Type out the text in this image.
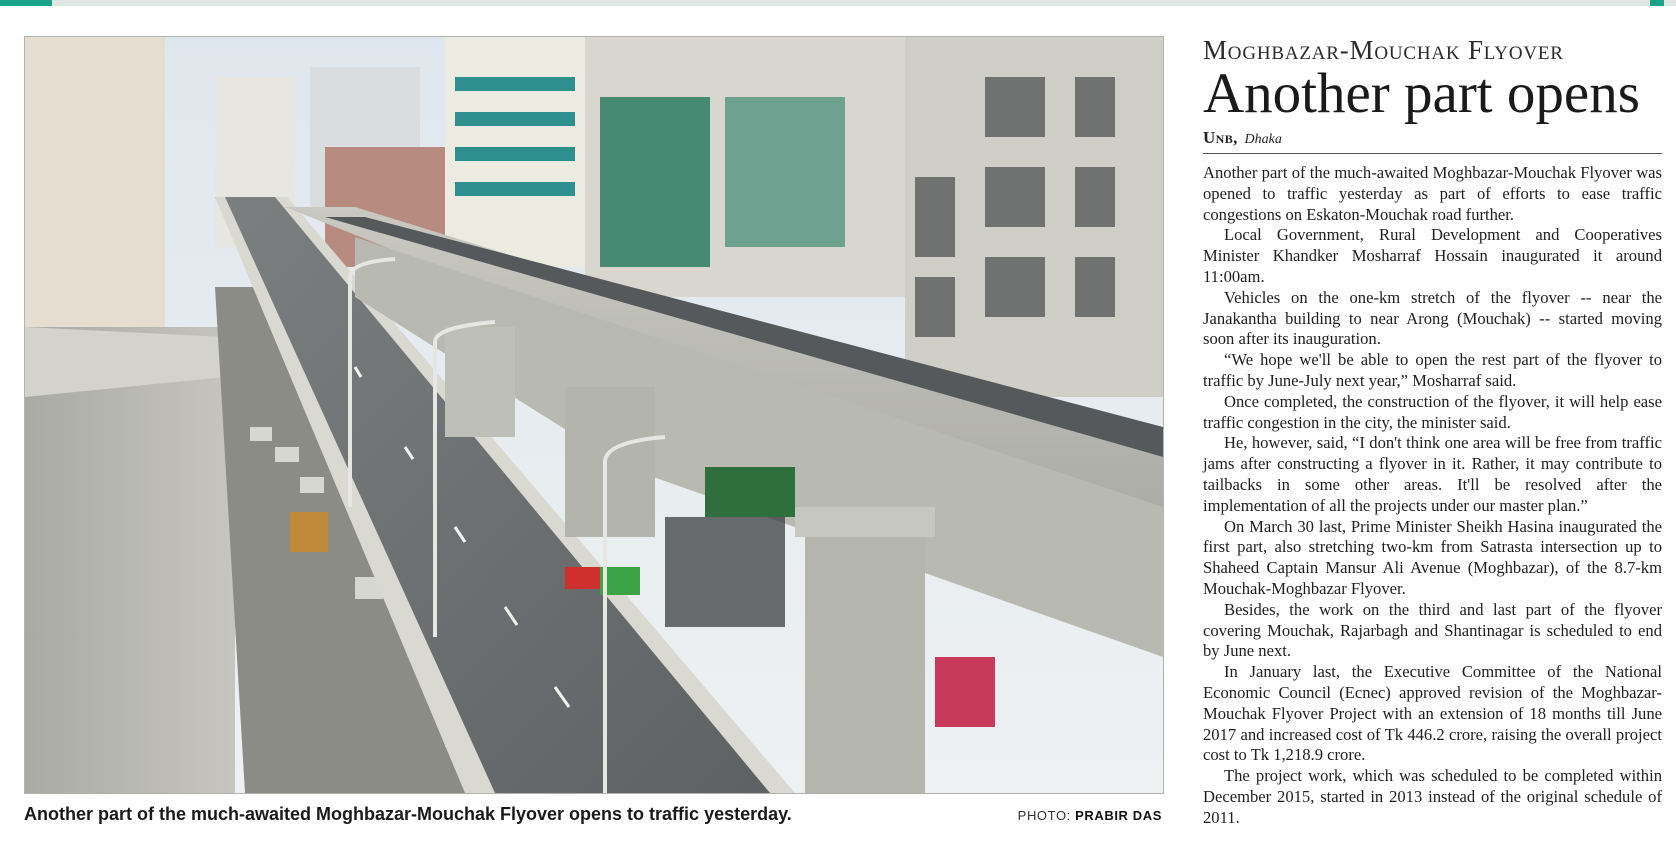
Another part of the much-awaited Moghbazar-Mouchak Flyover opens to traffic yesterday.	PHOTO: PRABIR DAS
Moghbazar-Mouchak Flyover
Another part opens
Unb, Dhaka

Another part of the much-awaited Moghbazar-Mouchak Flyover was opened to traffic yesterday as part of efforts to ease traffic congestions on Eskaton-Mouchak road further.

Local Government, Rural Development and Cooperatives Minister Khandker Mosharraf Hossain inaugurated it around 11:00am.

Vehicles on the one-km stretch of the flyover -- near the Janakantha building to near Arong (Mouchak) -- started moving soon after its inauguration.

“We hope we'll be able to open the rest part of the flyover to traffic by June-July next year,” Mosharraf said.

Once completed, the construction of the flyover, it will help ease traffic congestion in the city, the minister said.

He, however, said, “I don't think one area will be free from traffic jams after constructing a flyover in it. Rather, it may contribute to tailbacks in some other areas. It'll be resolved after the implementation of all the projects under our master plan.”

On March 30 last, Prime Minister Sheikh Hasina inaugurated the first part, also stretching two-km from Satrasta intersection up to Shaheed Captain Mansur Ali Avenue (Moghbazar), of the 8.7-km Mouchak-Moghbazar Flyover.

Besides, the work on the third and last part of the flyover covering Mouchak, Rajarbagh and Shantinagar is scheduled to end by June next.

In January last, the Executive Committee of the National Economic Council (Ecnec) approved revision of the Moghbazar-Mouchak Flyover Project with an extension of 18 months till June 2017 and increased cost of Tk 446.2 crore, raising the overall project cost to Tk 1,218.9 crore.

The project work, which was scheduled to be completed within December 2015, started in 2013 instead of the original schedule of 2011.
